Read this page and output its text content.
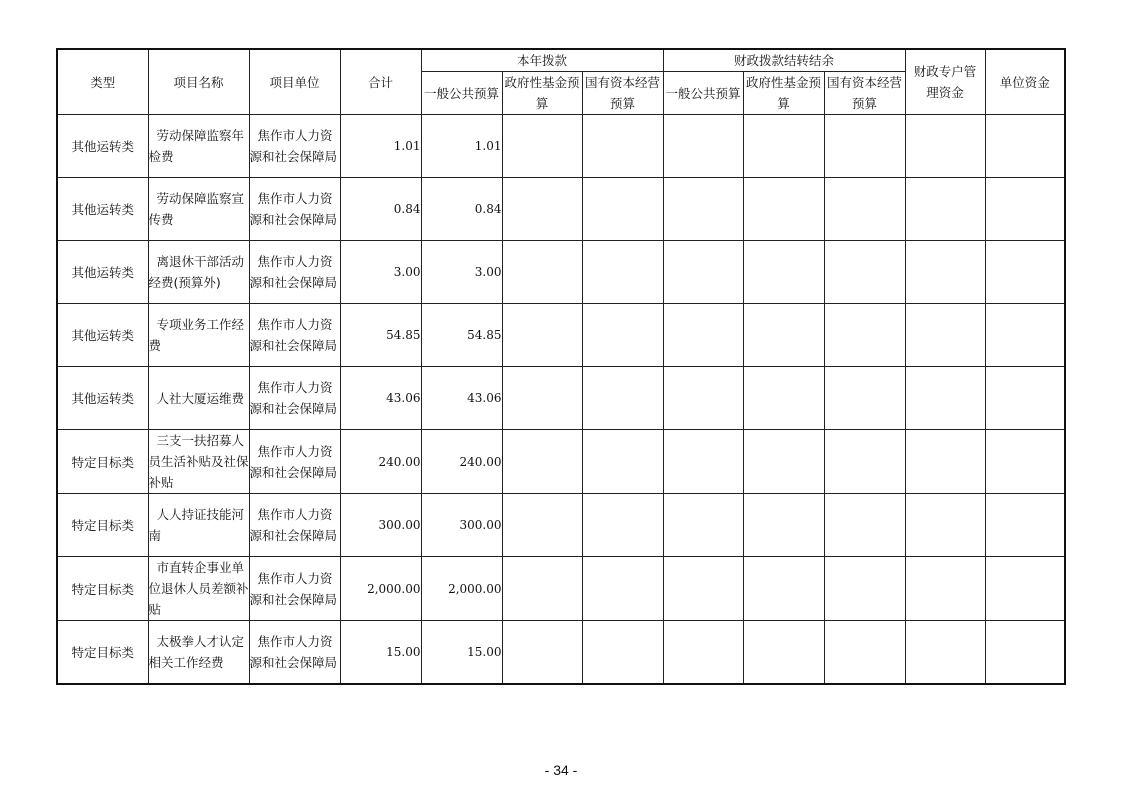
类型	项目名称	项目单位	合计	本年拨款			财政拨款结转结余			财政专户管理资金	单位资金
				一般公共预算	政府性基金预算	国有资本经营预算	一般公共预算	政府性基金预算	国有资本经营预算		
其他运转类	劳动保障监察年检费	焦作市人力资源和社会保障局	1.01	1.01							
其他运转类	劳动保障监察宣传费	焦作市人力资源和社会保障局	0.84	0.84							
其他运转类	离退休干部活动经费(预算外)	焦作市人力资源和社会保障局	3.00	3.00							
其他运转类	专项业务工作经费	焦作市人力资源和社会保障局	54.85	54.85							
其他运转类	人社大厦运维费	焦作市人力资源和社会保障局	43.06	43.06							
特定目标类	三支一扶招募人员生活补贴及社保补贴	焦作市人力资源和社会保障局	240.00	240.00							
特定目标类	人人持证技能河南	焦作市人力资源和社会保障局	300.00	300.00							
特定目标类	市直转企事业单位退休人员差额补贴	焦作市人力资源和社会保障局	2,000.00	2,000.00							
特定目标类	太极拳人才认定相关工作经费	焦作市人力资源和社会保障局	15.00	15.00							
- 34 -
